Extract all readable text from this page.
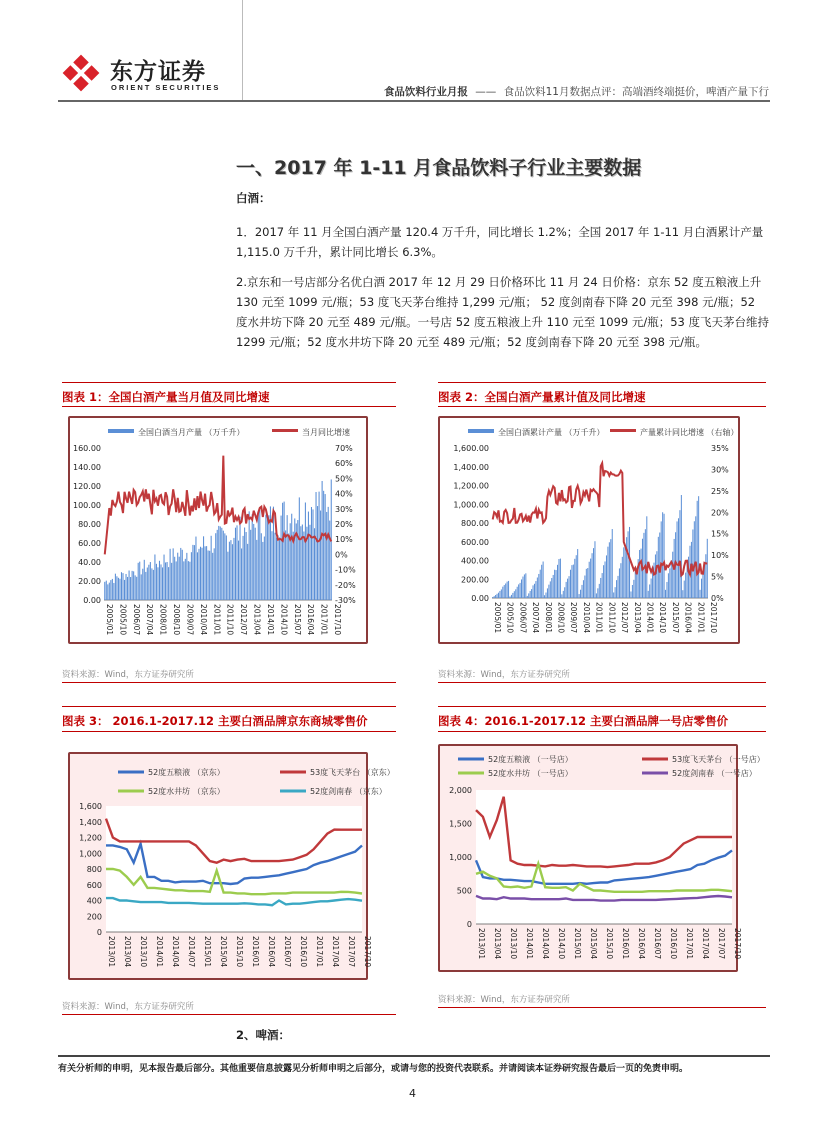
东方证券
ORIENT SECURITIES	食品饮料行业月报 —— 食品饮料11月数据点评：高端酒终端挺价，啤酒产量下行
一、2017 年 1-11 月食品饮料子行业主要数据
白酒：
1．2017 年 11 月全国白酒产量 120.4 万千升，同比增长 1.2%；全国 2017 年 1-11 月白酒累计产量 1,115.0 万千升，累计同比增长 6.3%。
2.京东和一号店部分名优白酒 2017 年 12 月 29 日价格环比 11 月 24 日价格：京东 52 度五粮液上升 130 元至 1099 元/瓶；53 度飞天茅台维持 1,299 元/瓶； 52 度剑南春下降 20 元至 398 元/瓶；52 度水井坊下降 20 元至 489 元/瓶。一号店 52 度五粮液上升 110 元至 1099 元/瓶；53 度飞天茅台维持 1299 元/瓶；52 度水井坊下降 20 元至 489 元/瓶；52 度剑南春下降 20 元至 398 元/瓶。
图表 1：全国白酒产量当月值及同比增速
全国白酒当月产量 （万千升）	当月同比增速
160.00
140.00
120.00
100.00
80.00
60.00
40.00
20.00
0.00
70%
60%
50%
40%
30%
20%
10%
0%
-10%
-20%
-30%
2005/01 2005/10 2006/07 2007/04 2008/01 2008/10 2009/07 2010/04 2011/01 2011/10 2012/07 2013/04 2014/01 2014/10 2015/07 2016/04 2017/01 2017/10
资料来源：Wind，东方证券研究所
图表 2：全国白酒产量累计值及同比增速
全国白酒累计产量 （万千升）	产量累计同比增速 （右轴）
1,600.00
1,400.00
1,200.00
1,000.00
800.00
600.00
400.00
200.00
0.00
35%
30%
25%
20%
15%
10%
5%
0%
2005/01 2005/10 2006/07 2007/04 2008/01 2008/10 2009/07 2010/04 2011/01 2011/10 2012/07 2013/04 2014/01 2014/10 2015/07 2016/04 2017/01 2017/10
资料来源：Wind，东方证券研究所
图表 3： 2016.1-2017.12 主要白酒品牌京东商城零售价
52度五粮液 （京东）	53度飞天茅台 （京东）
52度水井坊 （京东）	52度剑南春 （京东）
1,600
1,400
1,200
1,000
800
600
400
200
0
2013/01 2013/04 2013/10 2014/01 2014/04 2014/07 2015/01 2015/04 2015/10 2016/01 2016/04 2016/07 2016/10 2017/01 2017/04 2017/07 2017/10
资料来源：Wind，东方证券研究所
图表 4：2016.1-2017.12 主要白酒品牌一号店零售价
52度五粮液 （一号店）	53度飞天茅台 （一号店）
52度水井坊 （一号店）	52度剑南春 （一号店）
2,000
1,500
1,000
500
0
2013/01 2013/04 2013/10 2014/01 2014/04 2014/10 2015/01 2015/04 2015/10 2016/01 2016/04 2016/07 2016/10 2017/01 2017/04 2017/07 2017/10
资料来源：Wind，东方证券研究所
2、啤酒：
有关分析师的申明，见本报告最后部分。其他重要信息披露见分析师申明之后部分，或请与您的投资代表联系。并请阅读本证券研究报告最后一页的免责申明。
4
